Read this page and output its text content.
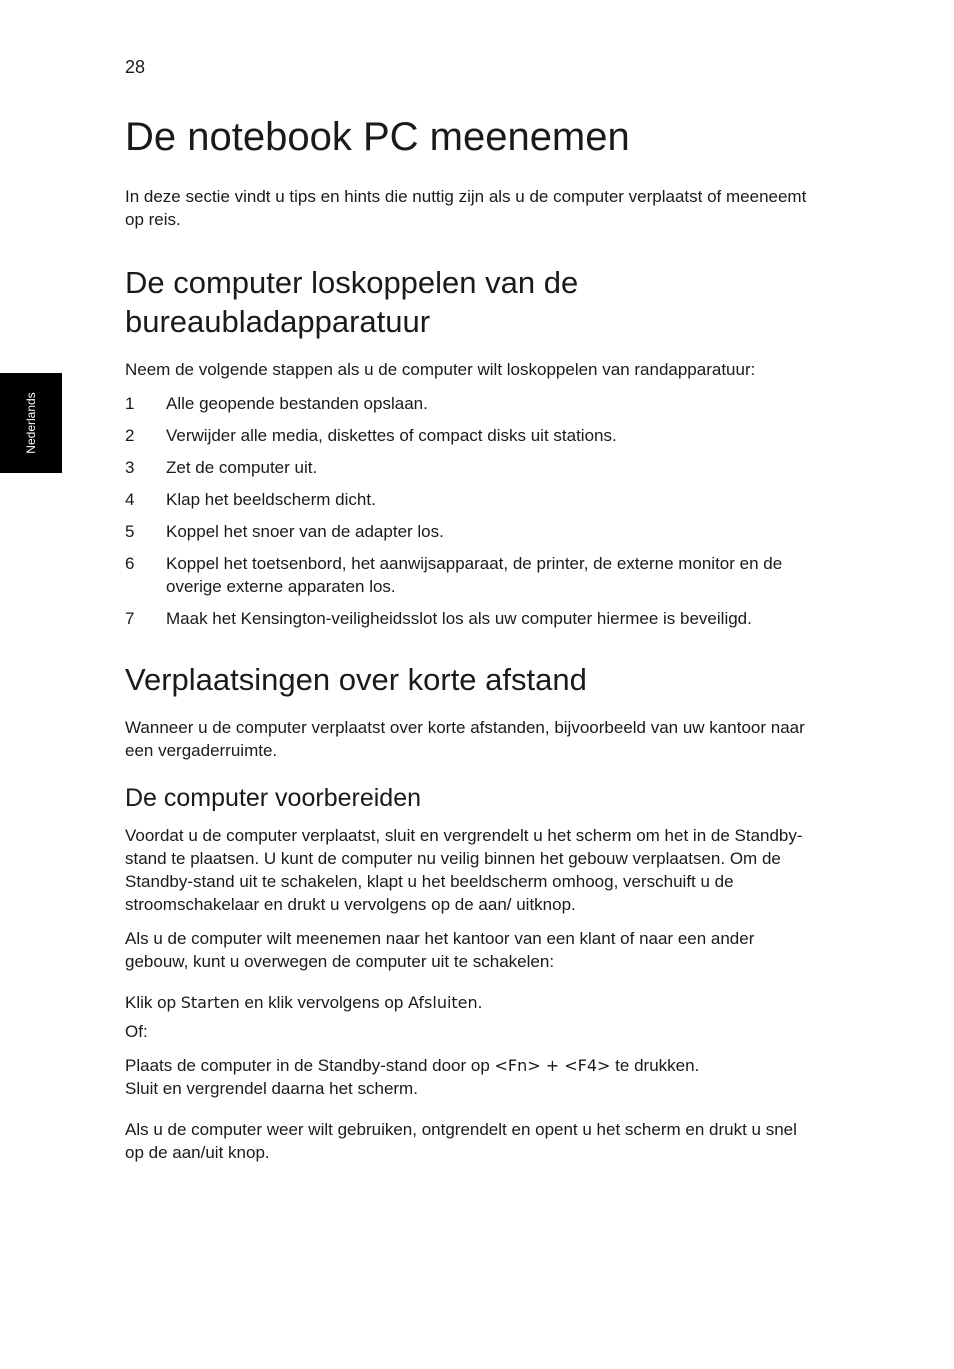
28
Nederlands
De notebook PC meenemen

In deze sectie vindt u tips en hints die nuttig zijn als u de computer verplaatst of meeneemt op reis.

De computer loskoppelen van de bureaubladapparatuur

Neem de volgende stappen als u de computer wilt loskoppelen van randapparatuur:

1	Alle geopende bestanden opslaan.
2	Verwijder alle media, diskettes of compact disks uit stations.
3	Zet de computer uit.
4	Klap het beeldscherm dicht.
5	Koppel het snoer van de adapter los.
6	Koppel het toetsenbord, het aanwijsapparaat, de printer, de externe monitor en de overige externe apparaten los.
7	Maak het Kensington-veiligheidsslot los als uw computer hiermee is beveiligd.
Verplaatsingen over korte afstand

Wanneer u de computer verplaatst over korte afstanden, bijvoorbeeld van uw kantoor naar een vergaderruimte.

De computer voorbereiden

Voordat u de computer verplaatst, sluit en vergrendelt u het scherm om het in de Standby-stand te plaatsen. U kunt de computer nu veilig binnen het gebouw verplaatsen. Om de Standby-stand uit te schakelen, klapt u het beeldscherm omhoog, verschuift u de stroomschakelaar en drukt u vervolgens op de aan/ uitknop.

Als u de computer wilt meenemen naar het kantoor van een klant of naar een ander gebouw, kunt u overwegen de computer uit te schakelen:

Klik op Starten en klik vervolgens op Afsluiten.

Of:

Plaats de computer in de Standby-stand door op <Fn> + <F4> te drukken.
Sluit en vergrendel daarna het scherm.

Als u de computer weer wilt gebruiken, ontgrendelt en opent u het scherm en drukt u snel op de aan/uit knop.
